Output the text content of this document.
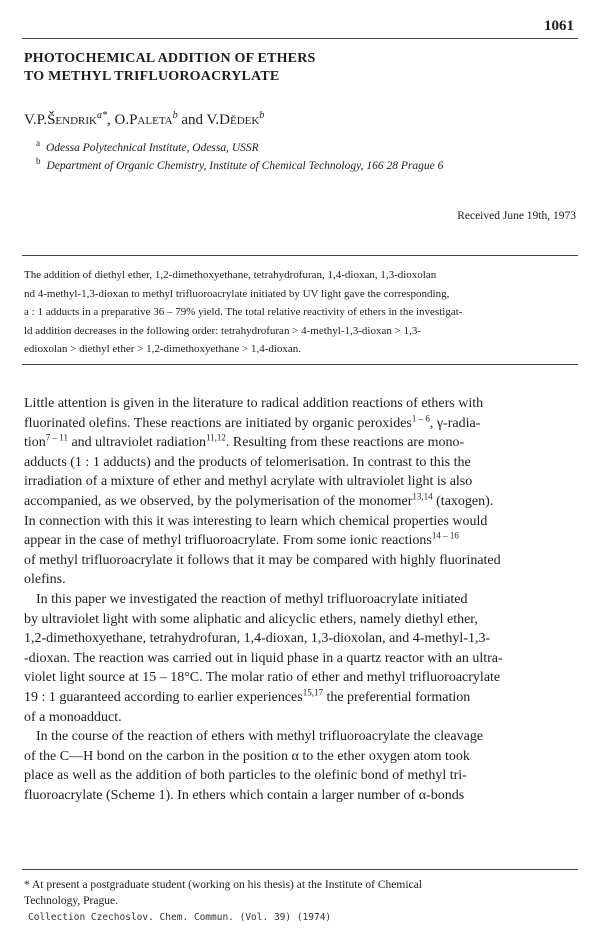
1061
PHOTOCHEMICAL ADDITION OF ETHERS
TO METHYL TRIFLUOROACRYLATE
V.P.Šendrik$^{a*}$, O.Paleta$^b$ and V.Dědek$^b$
$^a$ Odessa Polytechnical Institute, Odessa, USSR
$^b$ Department of Organic Chemistry, Institute of Chemical Technology, 166 28 Prague 6
Received June 19th, 1973
The addition of diethyl ether, 1,2-dimethoxyethane, tetrahydrofuran, 1,4-dioxan, 1,3-dioxolan
nd 4-methyl-1,3-dioxan to methyl trifluoroacrylate initiated by UV light gave the corresponding,
a : 1 adducts in a preparative 36 – 79% yield. The total relative reactivity of ethers in the investigat-
ld addition decreases in the following order: tetrahydrofuran > 4-methyl-1,3-dioxan > 1,3-
edioxolan > diethyl ether > 1,2-dimethoxyethane > 1,4-dioxan.
Little attention is given in the literature to radical addition reactions of ethers with
fluorinated olefins. These reactions are initiated by organic peroxides$^{1 - 6}$, γ-radia-
tion$^{7 - 11}$ and ultraviolet radiation$^{11,12}$. Resulting from these reactions are mono-
adducts (1 : 1 adducts) and the products of telomerisation. In contrast to this the
irradiation of a mixture of ether and methyl acrylate with ultraviolet light is also
accompanied, as we observed, by the polymerisation of the monomer$^{13,14}$ (taxogen).
In connection with this it was interesting to learn which chemical properties would
appear in the case of methyl trifluoroacrylate. From some ionic reactions$^{14 - 16}$
of methyl trifluoroacrylate it follows that it may be compared with highly fluorinated
olefins.
In this paper we investigated the reaction of methyl trifluoroacrylate initiated
by ultraviolet light with some aliphatic and alicyclic ethers, namely diethyl ether,
1,2-dimethoxyethane, tetrahydrofuran, 1,4-dioxan, 1,3-dioxolan, and 4-methyl-1,3-
-dioxan. The reaction was carried out in liquid phase in a quartz reactor with an ultra-
violet light source at 15 – 18°C. The molar ratio of ether and methyl trifluoroacrylate
19 : 1 guaranteed according to earlier experiences$^{15,17}$ the preferential formation
of a monoadduct.
In the course of the reaction of ethers with methyl trifluoroacrylate the cleavage
of the C—H bond on the carbon in the position α to the ether oxygen atom took
place as well as the addition of both particles to the olefinic bond of methyl tri-
fluoroacrylate (Scheme 1). In ethers which contain a larger number of α-bonds
* At present a postgraduate student (working on his thesis) at the Institute of Chemical
Technology, Prague.
Collection Czechoslov. Chem. Commun. (Vol. 39) (1974)
